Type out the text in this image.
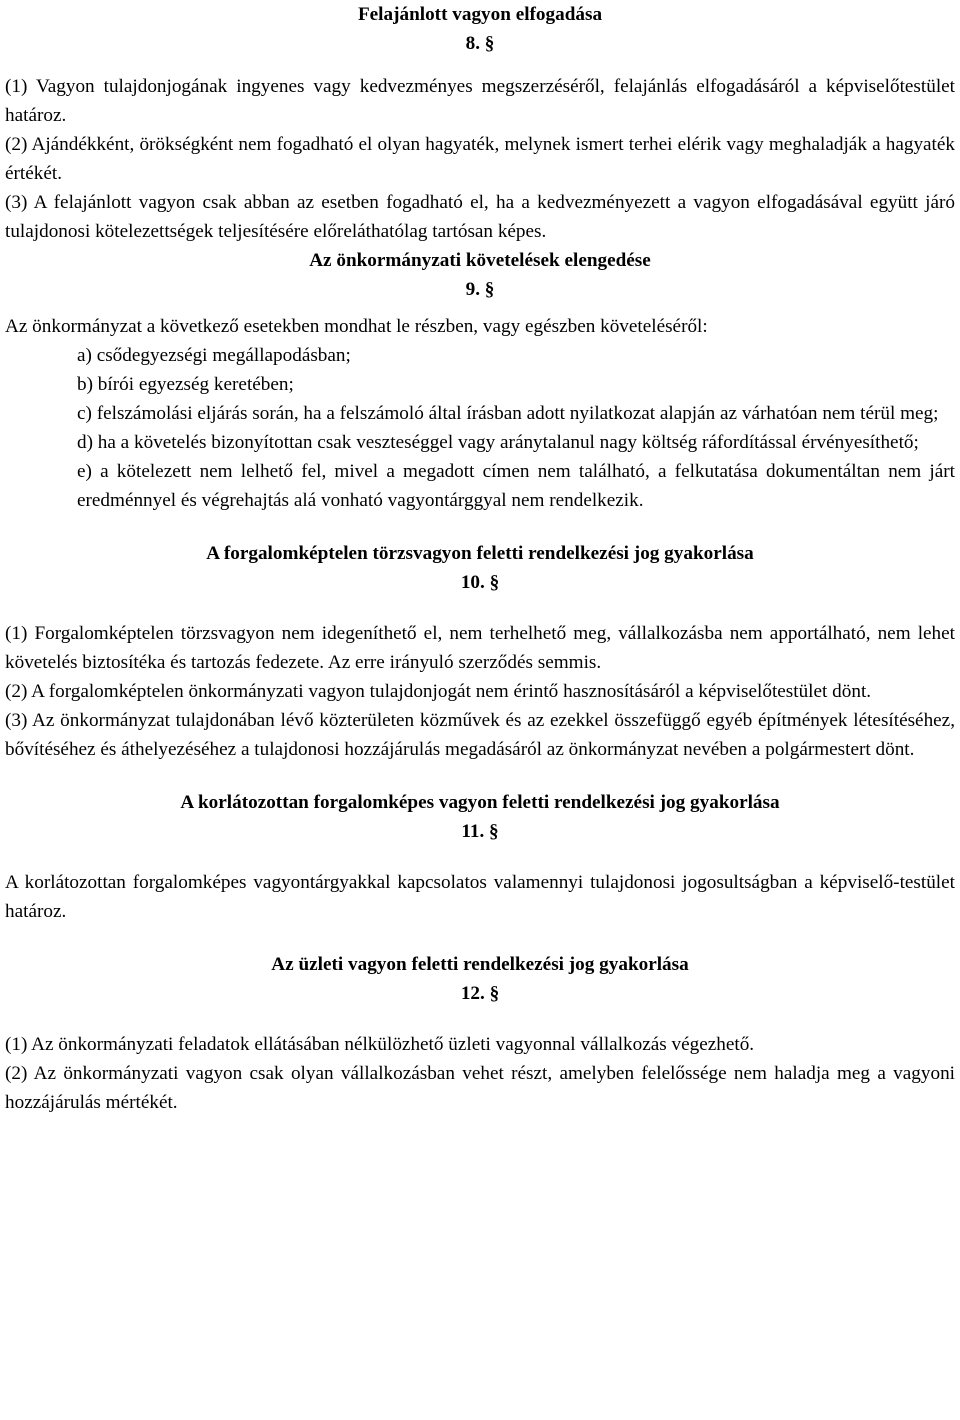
Felajánlott vagyon elfogadása

8. §

(1) Vagyon tulajdonjogának ingyenes vagy kedvezményes megszerzéséről, felajánlás elfogadásáról a képviselőtestület határoz.

(2) Ajándékként, örökségként nem fogadható el olyan hagyaték, melynek ismert terhei elérik vagy meghaladják a hagyaték értékét.

(3) A felajánlott vagyon csak abban az esetben fogadható el, ha a kedvezményezett a vagyon elfogadásával együtt járó tulajdonosi kötelezettségek teljesítésére előreláthatólag tartósan képes.

Az önkormányzati követelések elengedése

9. §

Az önkormányzat a következő esetekben mondhat le részben, vagy egészben követeléséről:

a) csődegyezségi megállapodásban;

b) bírói egyezség keretében;

c) felszámolási eljárás során, ha a felszámoló által írásban adott nyilatkozat alapján az várhatóan nem térül meg;

d) ha a követelés bizonyítottan csak veszteséggel vagy aránytalanul nagy költség ráfordítással érvényesíthető;

e) a kötelezett nem lelhető fel, mivel a megadott címen nem található, a felkutatása dokumentáltan nem járt eredménnyel és végrehajtás alá vonható vagyontárggyal nem rendelkezik.

A forgalomképtelen törzsvagyon feletti rendelkezési jog gyakorlása

10. §

(1) Forgalomképtelen törzsvagyon nem idegeníthető el, nem terhelhető meg, vállalkozásba nem apportálható, nem lehet követelés biztosítéka és tartozás fedezete. Az erre irányuló szerződés semmis.

(2) A forgalomképtelen önkormányzati vagyon tulajdonjogát nem érintő hasznosításáról a képviselőtestület dönt.

(3) Az önkormányzat tulajdonában lévő közterületen közművek és az ezekkel összefüggő egyéb építmények létesítéséhez, bővítéséhez és áthelyezéséhez a tulajdonosi hozzájárulás megadásáról az önkormányzat nevében a polgármestert dönt.

A korlátozottan forgalomképes vagyon feletti rendelkezési jog gyakorlása

11. §

A korlátozottan forgalomképes vagyontárgyakkal kapcsolatos valamennyi tulajdonosi jogosultságban a képviselő-testület határoz.

Az üzleti vagyon feletti rendelkezési jog gyakorlása

12. §

(1) Az önkormányzati feladatok ellátásában nélkülözhető üzleti vagyonnal vállalkozás végezhető.

(2) Az önkormányzati vagyon csak olyan vállalkozásban vehet részt, amelyben felelőssége nem haladja meg a vagyoni hozzájárulás mértékét.
